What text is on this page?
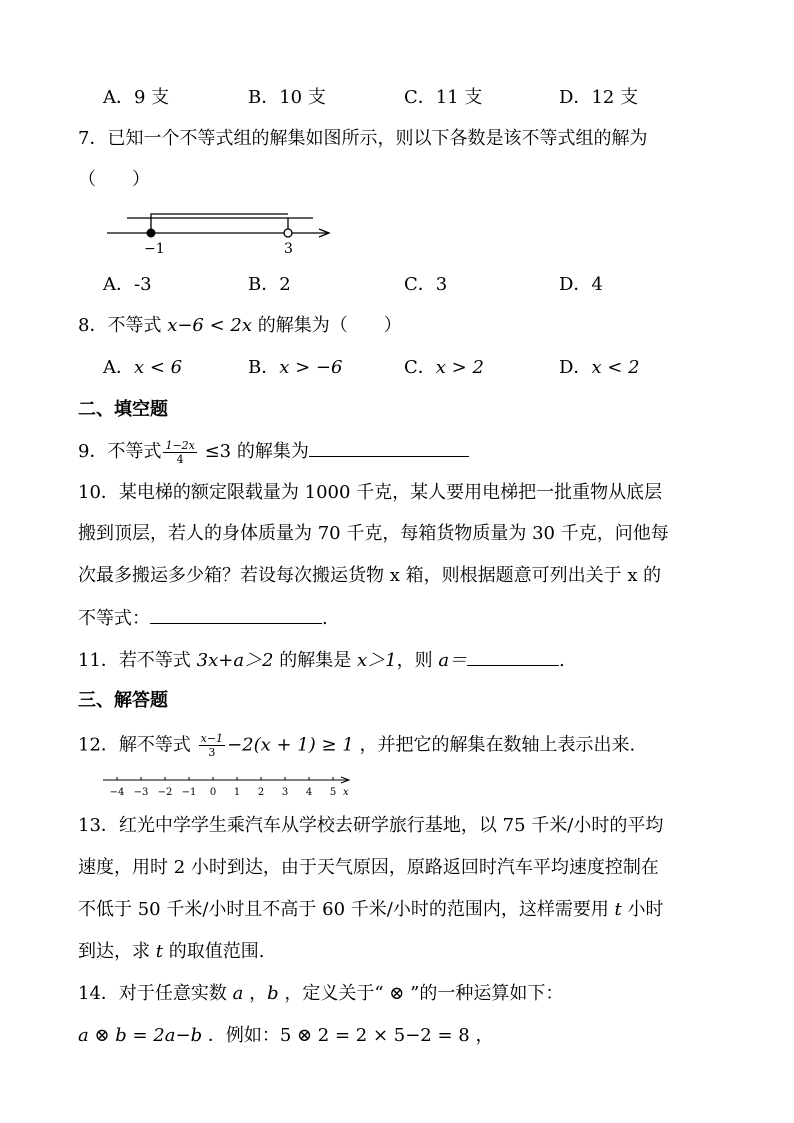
A．9 支	B．10 支	C．11 支	D．12 支
7．已知一个不等式组的解集如图所示，则以下各数是该不等式组的解为
（　　）
−1	3
A．-3	B．2	C．3	D．4
8．不等式 x−6 < 2x 的解集为（　　）
A．x < 6	B．x > −6	C．x > 2	D．x < 2
二、填空题
9．不等式 $\frac{1-2x}{4} \le 3$ 的解集为
10．某电梯的额定限载量为 1000 千克，某人要用电梯把一批重物从底层
搬到顶层，若人的身体质量为 70 千克，每箱货物质量为 30 千克，问他每
次最多搬运多少箱？若设每次搬运货物 x 箱，则根据题意可列出关于 x 的
不等式：	.
11．若不等式 3x+a＞2 的解集是 x＞1，则 a＝	.
三、解答题
12．解不等式 $\frac{x-1}{3} -2(x + 1) \ge 1$ ，并把它的解集在数轴上表示出来.
−4 −3 −2 −1 0 1 2 3 4 5 x
13．红光中学学生乘汽车从学校去研学旅行基地，以 75 千米/小时的平均
速度，用时 2 小时到达，由于天气原因，原路返回时汽车平均速度控制在
不低于 50 千米/小时且不高于 60 千米/小时的范围内，这样需要用 t 小时
到达，求 t 的取值范围.
14．对于任意实数 a ，b ，定义关于“ ⊗ ”的一种运算如下：
a ⊗ b = 2a−b ．例如：5 ⊗ 2 = 2 × 5−2 = 8 ，
